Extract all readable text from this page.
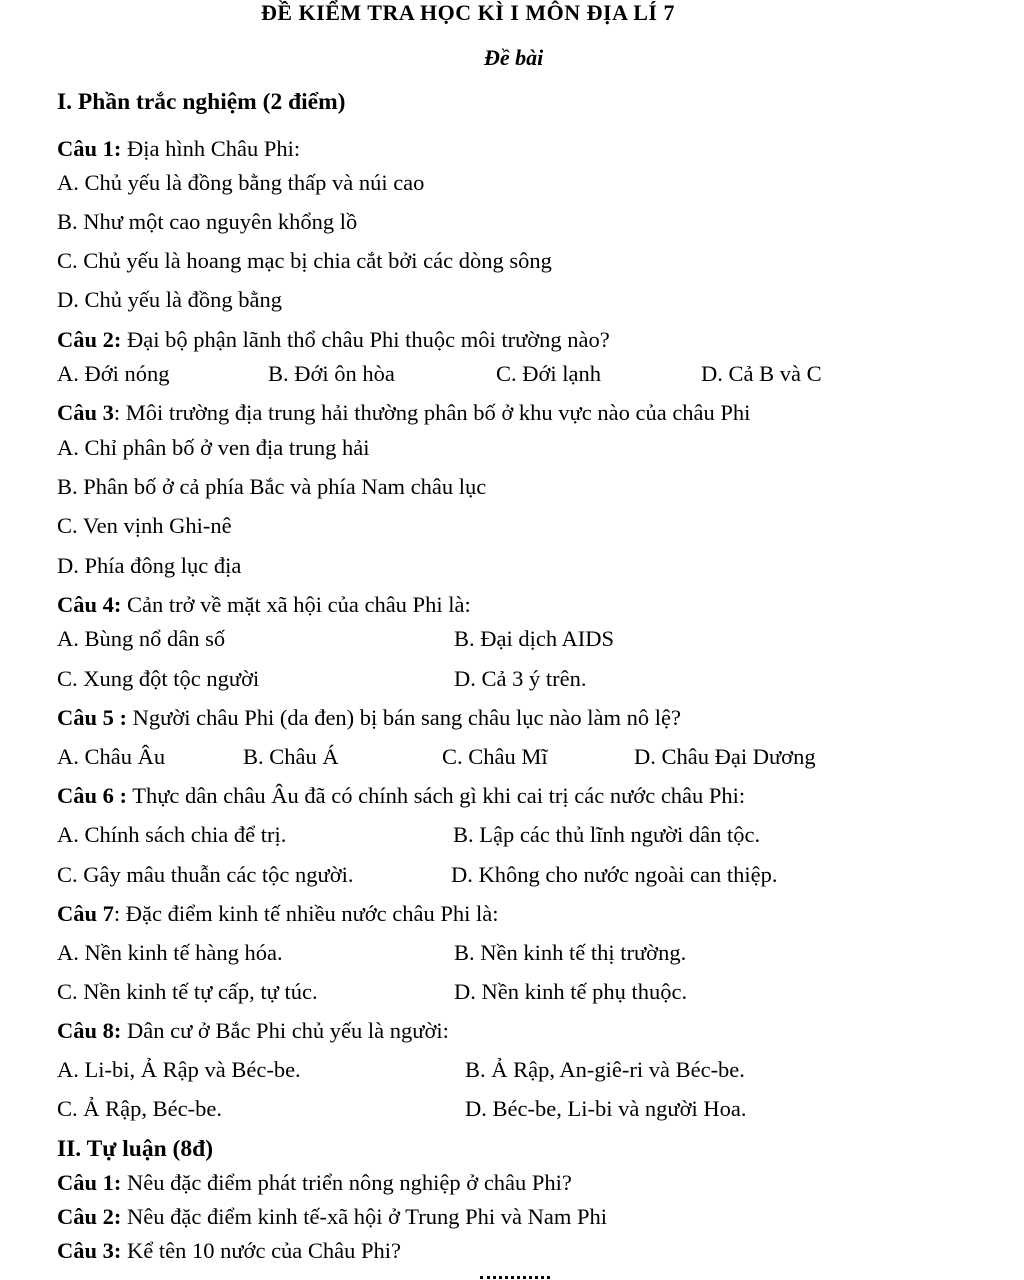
ĐỀ KIỂM TRA HỌC KÌ I MÔN ĐỊA LÍ 7
Đề bài
I. Phần trắc nghiệm (2 điểm)
Câu 1: Địa hình Châu Phi:
A. Chủ yếu là đồng bằng thấp và núi cao
B. Như một cao nguyên khổng lồ
C. Chủ yếu là hoang mạc bị chia cắt bởi các dòng sông
D. Chủ yếu là đồng bằng
Câu 2: Đại bộ phận lãnh thổ châu Phi thuộc môi trường nào?
A. Đới nóng	B. Đới ôn hòa	C. Đới lạnh	D. Cả B và C
Câu 3: Môi trường địa trung hải thường phân bố ở khu vực nào của châu Phi
A. Chỉ phân bố ở ven địa trung hải
B. Phân bố ở cả phía Bắc và phía Nam châu lục
C. Ven vịnh Ghi-nê
D. Phía đông lục địa
Câu 4: Cản trở về mặt xã hội của châu Phi là:
A. Bùng nổ dân số	B. Đại dịch AIDS
C. Xung đột tộc người	D. Cả 3 ý trên.
Câu 5 : Người châu Phi (da đen) bị bán sang châu lục nào làm nô lệ?
A. Châu Âu	B. Châu Á	C. Châu Mĩ	D. Châu Đại Dương
Câu 6 : Thực dân châu Âu đã có chính sách gì khi cai trị các nước châu Phi:
A. Chính sách chia để trị.	B. Lập các thủ lĩnh người dân tộc.
C. Gây mâu thuẫn các tộc người.	D. Không cho nước ngoài can thiệp.
Câu 7: Đặc điểm kinh tế nhiều nước châu Phi là:
A. Nền kinh tế hàng hóa.	B. Nền kinh tế thị trường.
C. Nền kinh tế tự cấp, tự túc.	D. Nền kinh tế phụ thuộc.
Câu 8: Dân cư ở Bắc Phi chủ yếu là người:
A. Li-bi, Ả Rập và Béc-be.	B. Ả Rập, An-giê-ri và Béc-be.
C. Ả Rập, Béc-be.	D. Béc-be, Li-bi và người Hoa.
II. Tự luận (8đ)
Câu 1: Nêu đặc điểm phát triển nông nghiệp ở châu Phi?
Câu 2: Nêu đặc điểm kinh tế-xã hội ở Trung Phi và Nam Phi
Câu 3: Kể tên 10 nước của Châu Phi?
